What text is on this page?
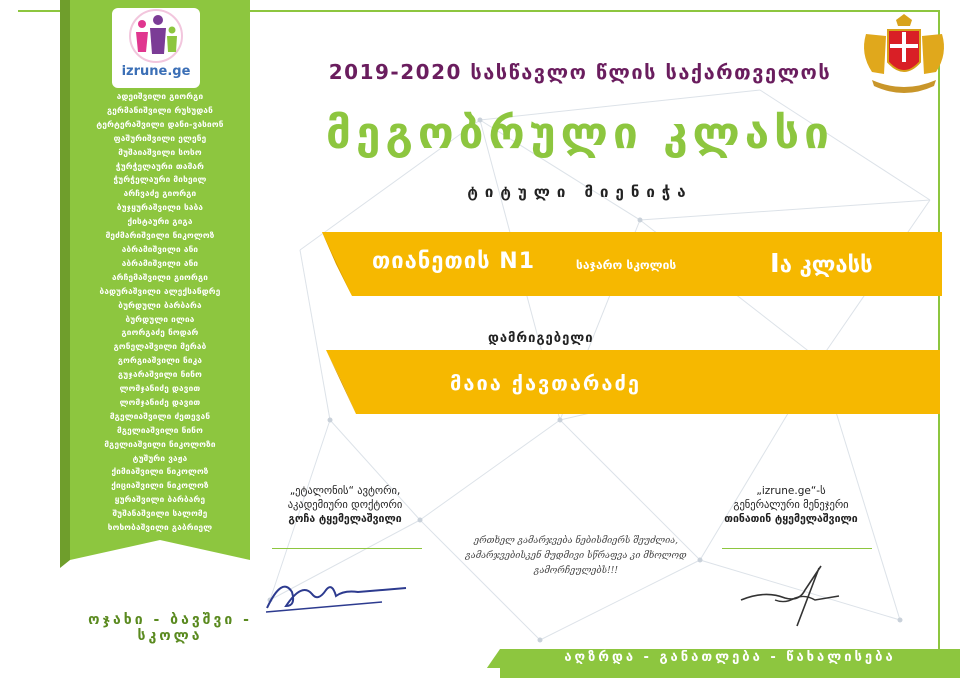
izrune.ge
ადეიშვილი გიორგი
გერმანიშვილი რუსუდან
ტერტერაშვილი დანი-ვასიონ
ფაშურიშვილი ელენე
მუშაიაშვილი სოსო
ჭურჭელაური თამარ
ჭურჭელაური მიხეილ
არჩვაძე გიორგი
ბუჯყურაშვილი საბა
ქისტაური გიგა
მეძმარიშვილი ნიკოლოზ
აბრამიშვილი ანი
აბრამიშვილი ანი
არჩემაშვილი გიორგი
ბადურაშვილი ალექსანდრე
ბურდული ბარბარა
ბურდული ილია
გიორგაძე ნოდარ
გონელაშვილი მერაბ
გორგიაშვილი ნიკა
გუჯარაშვილი ნინო
ლომჯანიძე დავით
ლომჯანიძე დავით
მგელიაშვილი ძეთევან
მგელიაშვილი ნინო
მგელიაშვილი ნიკოლოზი
ტუშური ვაჟა
ქიმიაშვილი ნიკოლოზ
ქიციაშვილი ნიკოლოზ
ყურაშვილი ბარბარე
შუშანაშვილი სალომე
ხოხობაშვილი გაბრიელ
ოჯახი - ბავშვი - სკოლა
2019-2020 სასწავლო წლის საქართველოს
მეგობრული კლასი
ტიტული მიენიჭა
თიანეთის N1	საჯარო სკოლის	Iა კლასს
დამრიგებელი
მაია ქავთარაძე
„ეტალონის“ ავტორი,
აკადემიური დოქტორი
გოჩა ტყემელაშვილი
„izrune.ge“-ს
გენერალური მენეჯერი
თინათინ ტყემელაშვილი
ერთხელ გამარჯვება ნებისმიერს შეუძლია,
გამარჯვებისკენ მუდმივი სწრაფვა კი მხოლოდ გამორჩეულებს!!!
აღზრდა - განათლება - წახალისება
